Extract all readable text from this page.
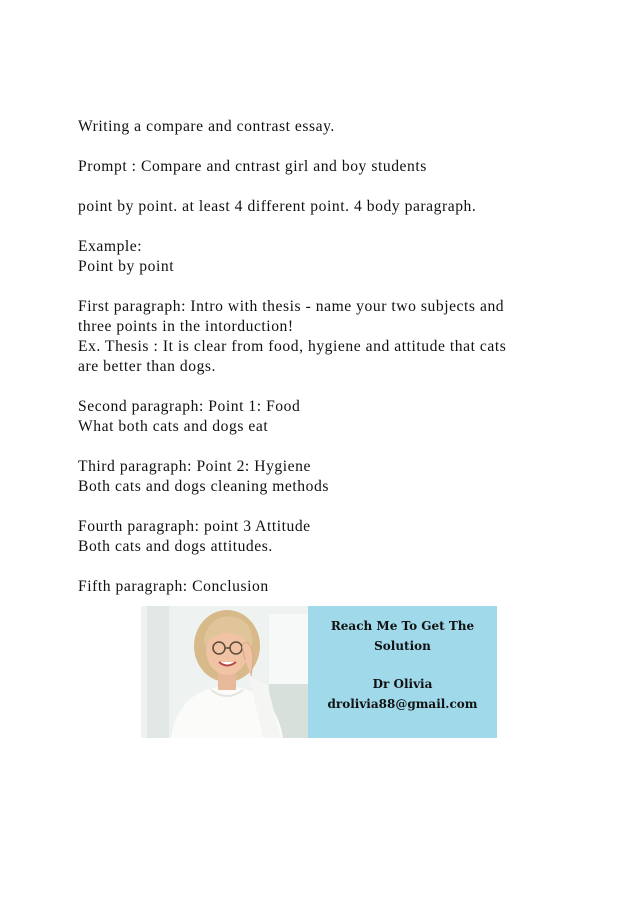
Writing a compare and contrast essay.

Prompt : Compare and cntrast girl and boy students

point by point. at least 4 different point. 4 body paragraph.

Example:
Point by point

First paragraph: Intro with thesis - name your two subjects and
three points in the intorduction!
Ex. Thesis : It is clear from food, hygiene and attitude that cats
are better than dogs.

Second paragraph: Point 1: Food
What both cats and dogs eat

Third paragraph: Point 2: Hygiene
Both cats and dogs cleaning methods

Fourth paragraph: point 3 Attitude
Both cats and dogs attitudes.

Fifth paragraph: Conclusion

Reach Me To Get The
Solution
Dr Olivia
drolivia88@gmail.com
